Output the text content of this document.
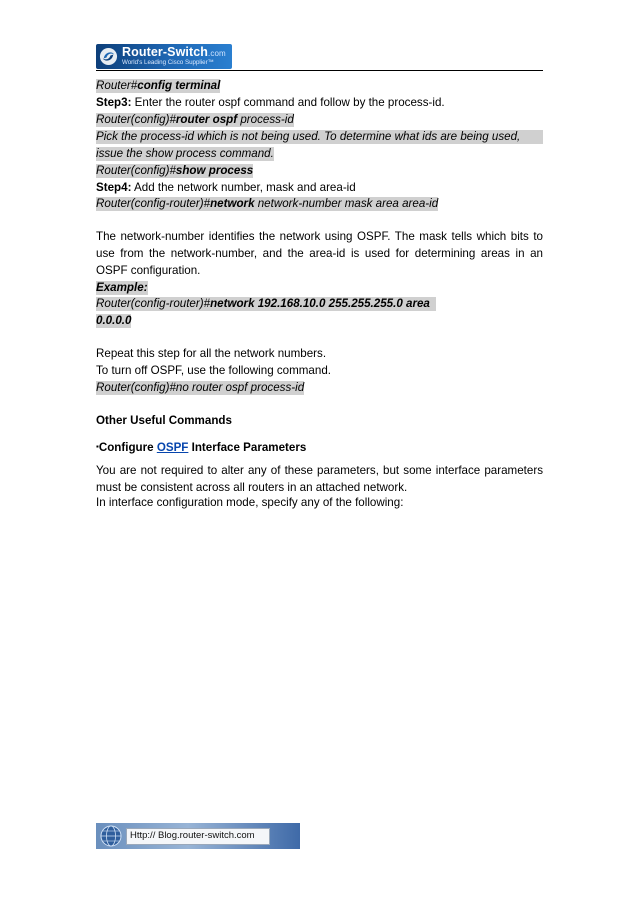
Router-Switch.com
World's Leading Cisco Supplier™
Router#config terminal
Step3: Enter the router ospf command and follow by the process-id.
Router(config)#router ospf process-id
Pick the process-id which is not being used. To determine what ids are being used,
issue the show process command.
Router(config)#show process
Step4: Add the network number, mask and area-id
Router(config-router)#network network-number mask area area-id
The network-number identifies the network using OSPF. The mask tells which bits to use from the network-number, and the area-id is used for determining areas in an OSPF configuration.
Example:
Router(config-router)#network 192.168.10.0 255.255.255.0 area
0.0.0.0
Repeat this step for all the network numbers.
To turn off OSPF, use the following command.
Router(config)#no router ospf process-id
Other Useful Commands
▪Configure OSPF Interface Parameters
You are not required to alter any of these parameters, but some interface parameters must be consistent across all routers in an attached network.
In interface configuration mode, specify any of the following:
Http:// Blog.router-switch.com
